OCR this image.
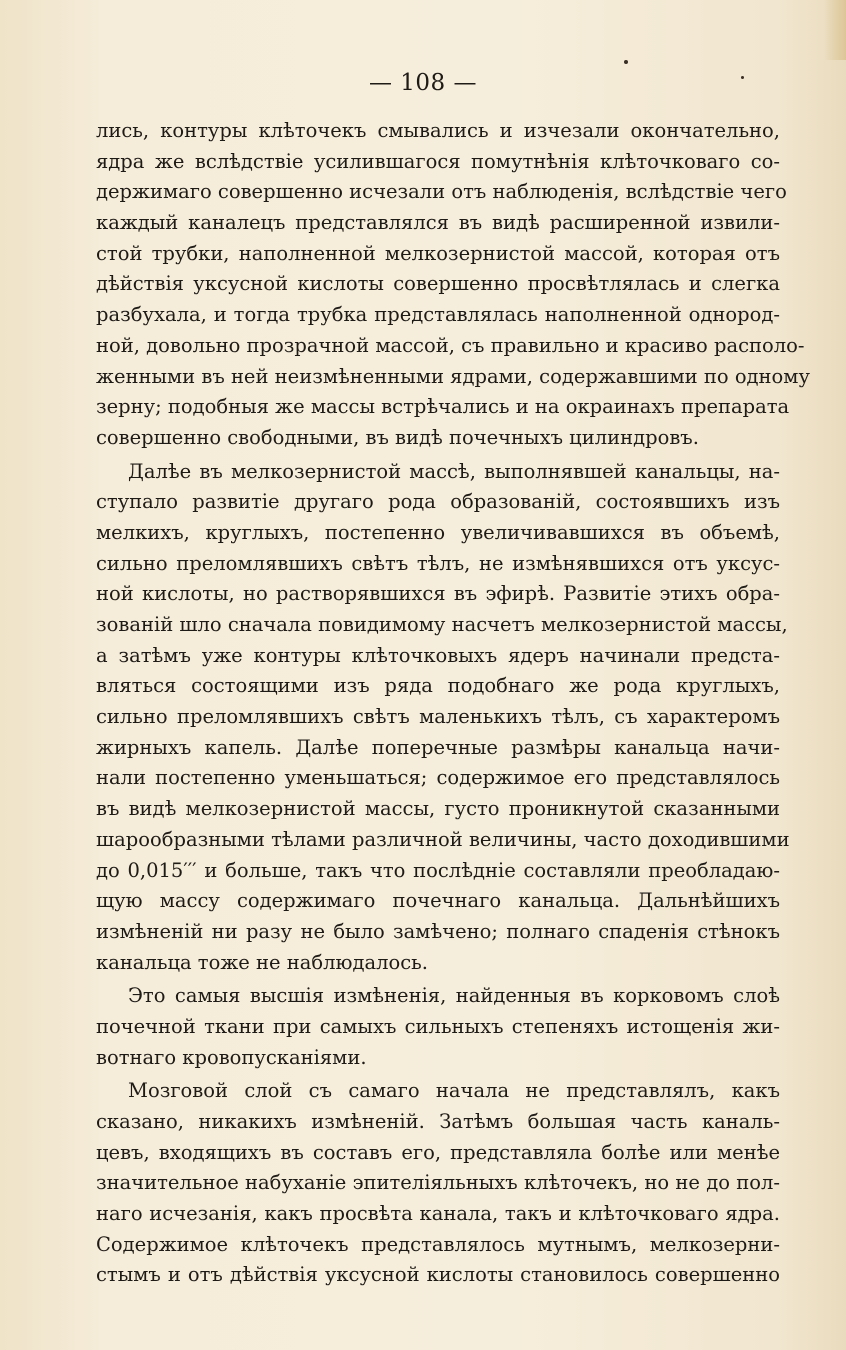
— 108 —
лись, контуры клѣточекъ смывались и изчезали окончательно,
ядра же вслѣдствіе усилившагося помутнѣнія клѣточковаго со-
держимаго совершенно исчезали отъ наблюденія, вслѣдствіе чего
каждый каналецъ представлялся въ видѣ расширенной извили-
стой трубки, наполненной мелкозернистой массой, которая отъ
дѣйствія уксусной кислоты совершенно просвѣтлялась и слегка
разбухала, и тогда трубка представлялась наполненной однород-
ной, довольно прозрачной массой, съ правильно и красиво располо-
женными въ ней неизмѣненными ядрами, содержавшими по одному
зерну; подобныя же массы встрѣчались и на окраинахъ препарата
совершенно свободными, въ видѣ почечныхъ цилиндровъ.
Далѣе въ мелкозернистой массѣ, выполнявшей канальцы, на-
ступало развитіе другаго рода образованій, состоявшихъ изъ
мелкихъ, круглыхъ, постепенно увеличивавшихся въ объемѣ,
сильно преломлявшихъ свѣтъ тѣлъ, не измѣнявшихся отъ уксус-
ной кислоты, но растворявшихся въ эфирѣ. Развитіе этихъ обра-
зованій шло сначала повидимому насчетъ мелкозернистой массы,
а затѣмъ уже контуры клѣточковыхъ ядеръ начинали предста-
вляться состоящими изъ ряда подобнаго же рода круглыхъ,
сильно преломлявшихъ свѣтъ маленькихъ тѣлъ, съ характеромъ
жирныхъ капель. Далѣе поперечные размѣры канальца начи-
нали постепенно уменьшаться; содержимое его представлялось
въ видѣ мелкозернистой массы, густо проникнутой сказанными
шарообразными тѣлами различной величины, часто доходившими
до 0,015′′′ и больше, такъ что послѣдніе составляли преобладаю-
щую массу содержимаго почечнаго канальца. Дальнѣйшихъ
измѣненій ни разу не было замѣчено; полнаго спаденія стѣнокъ
канальца тоже не наблюдалось.
Это самыя высшія измѣненія, найденныя въ корковомъ слоѣ
почечной ткани при самыхъ сильныхъ степеняхъ истощенія жи-
вотнаго кровопусканіями.
Мозговой слой съ самаго начала не представлялъ, какъ
сказано, никакихъ измѣненій. Затѣмъ большая часть каналь-
цевъ, входящихъ въ составъ его, представляла болѣе или менѣе
значительное набуханіе эпителіяльныхъ клѣточекъ, но не до пол-
наго исчезанія, какъ просвѣта канала, такъ и клѣточковаго ядра.
Содержимое клѣточекъ представлялось мутнымъ, мелкозерни-
стымъ и отъ дѣйствія уксусной кислоты становилось совершенно
